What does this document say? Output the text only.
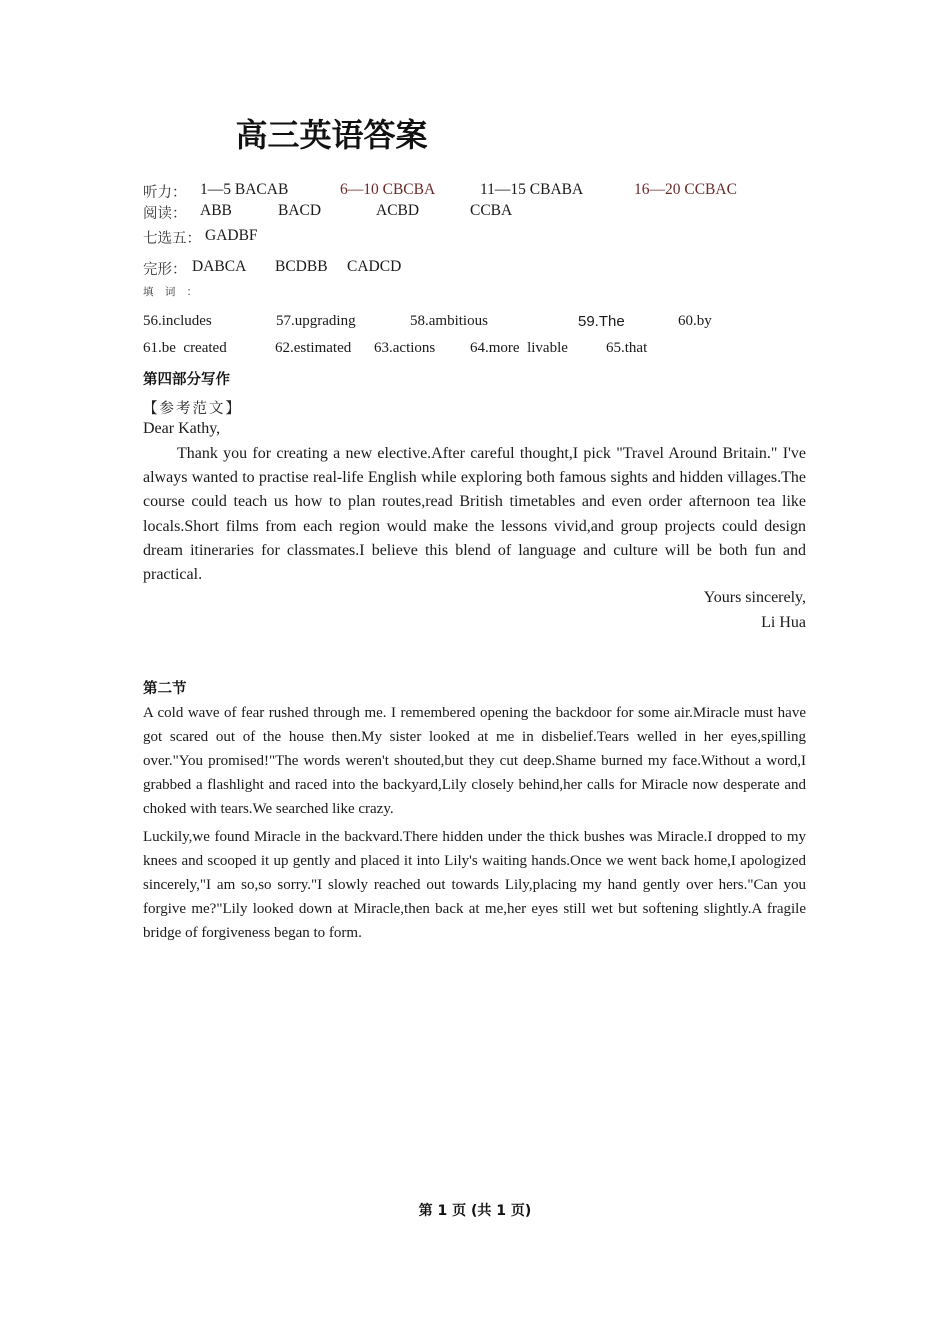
高三英语答案
听力： 1—5 BACAB	6—10 CBCBA	11—15 CBABA	16—20 CCBAC
阅读： ABB	BACD	ACBD	CCBA
七选五： GADBF
完形： DABCA BCDBB CADCD
填 词 ：
56.includes	57.upgrading	58.ambitious	59.The	60.by
61.be  created	62.estimated 63.actions 64.more  livable	65.that
第四部分写作
【参考范文】
Dear Kathy,
Thank you for creating a new elective.After careful thought,I pick "Travel Around Britain." I've always wanted to practise real-life English while exploring both famous sights and hidden villages.The course could teach us how to plan routes,read British timetables and even order afternoon tea like locals.Short films from each region would make the lessons vivid,and group projects could design dream itineraries for classmates.I believe this blend of language and culture will be both fun and practical.
Yours sincerely,
Li Hua
第二节
A cold wave of fear rushed through me. I remembered opening the backdoor for some air.Miracle must have got scared out of the house then.My sister looked at me in disbelief.Tears welled in her eyes,spilling over."You promised!"The words weren't shouted,but they cut deep.Shame burned my face.Without a word,I grabbed a flashlight and raced into the backyard,Lily closely behind,her calls for Miracle now desperate and choked with tears.We searched like crazy.
Luckily,we found Miracle in the backvard.There hidden under the thick bushes was Miracle.I dropped to my knees and scooped it up gently and placed it into Lily's waiting hands.Once we went back home,I apologized sincerely,"I am so,so sorry."I slowly reached out towards Lily,placing my hand gently over hers."Can you forgive me?"Lily looked down at Miracle,then back at me,her eyes still wet but softening slightly.A fragile bridge of forgiveness began to form.
第 1 页 (共 1 页)
